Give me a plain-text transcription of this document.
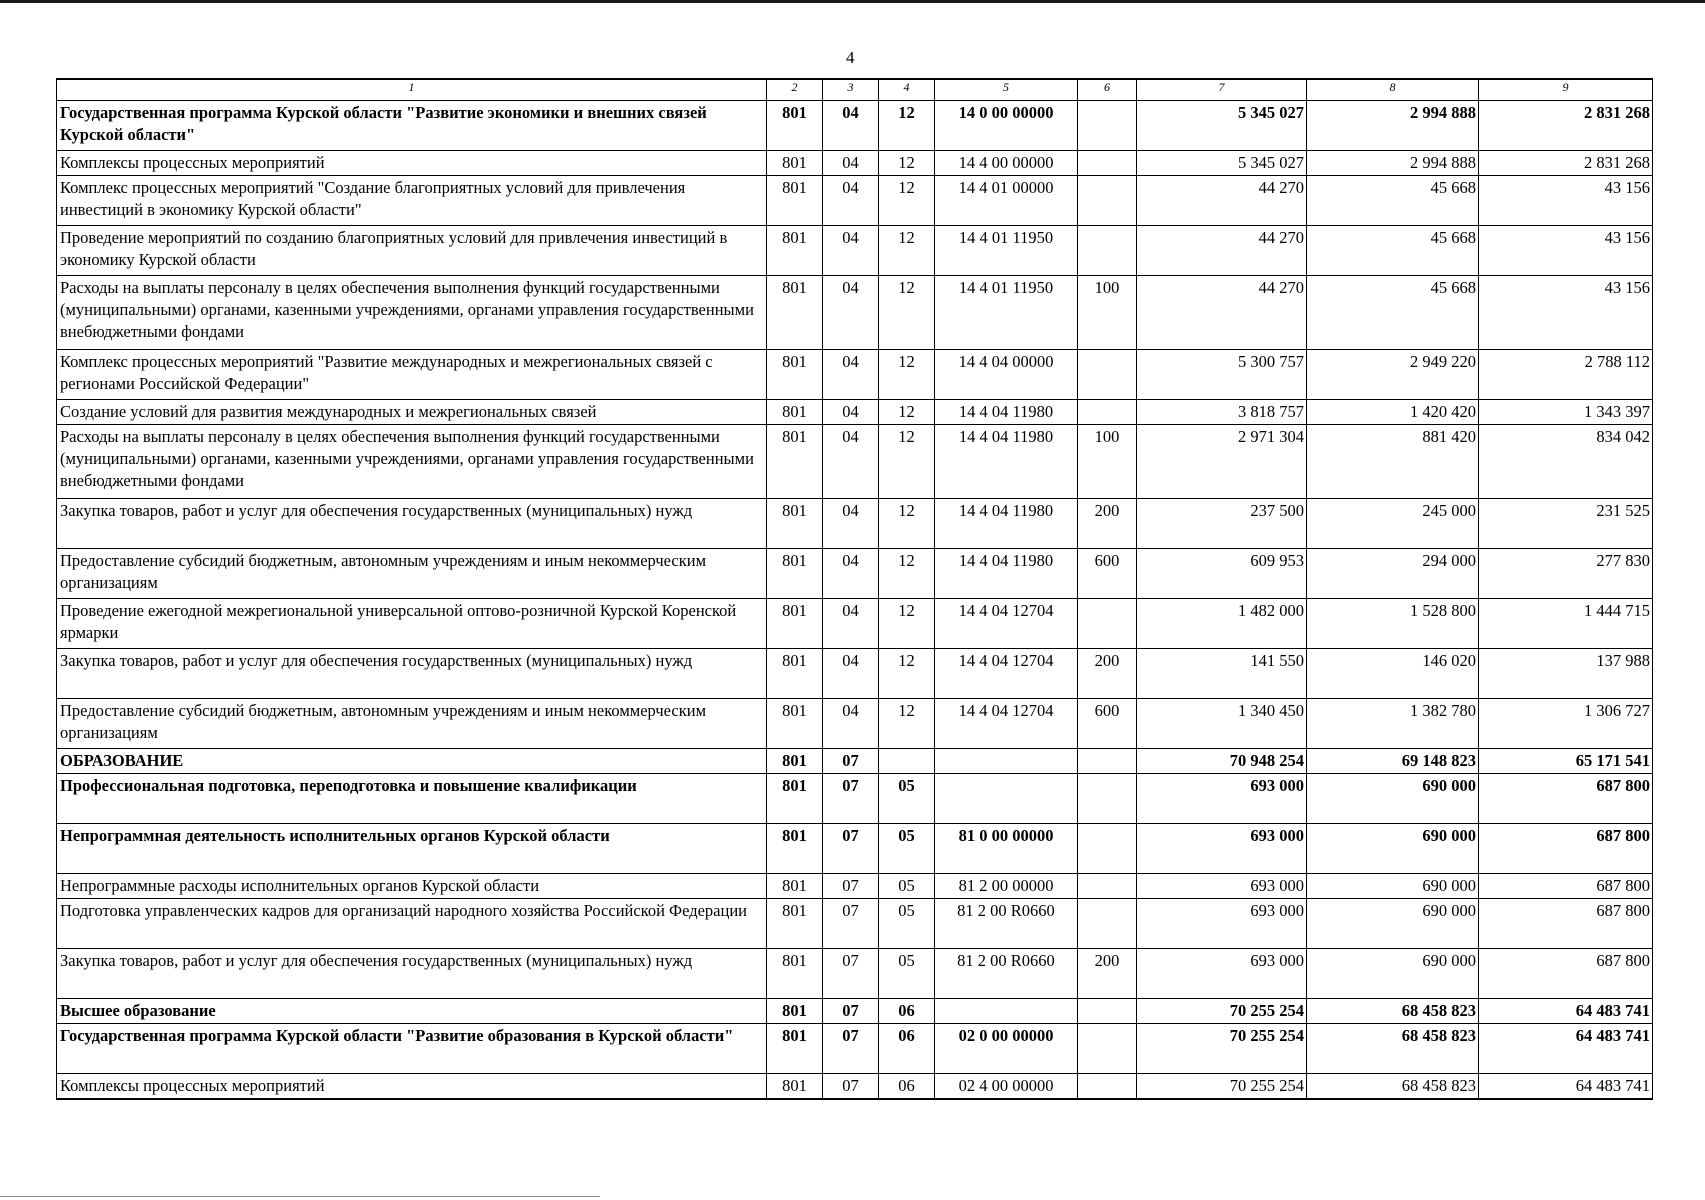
4
1	2	3	4	5	6	7	8	9
Государственная программа Курской области "Развитие экономики и внешних связей Курской области"	801	04	12	14 0 00 00000		5 345 027	2 994 888	2 831 268
Комплексы процессных мероприятий	801	04	12	14 4 00 00000		5 345 027	2 994 888	2 831 268
Комплекс процессных мероприятий "Создание благоприятных условий для привлечения инвестиций в экономику Курской области"	801	04	12	14 4 01 00000		44 270	45 668	43 156
Проведение мероприятий по созданию благоприятных условий для привлечения инвестиций в экономику Курской области	801	04	12	14 4 01 11950		44 270	45 668	43 156
Расходы на выплаты персоналу в целях обеспечения выполнения функций государственными (муниципальными) органами, казенными учреждениями, органами управления государственными внебюджетными фондами	801	04	12	14 4 01 11950	100	44 270	45 668	43 156
Комплекс процессных мероприятий "Развитие международных и межрегиональных связей с регионами Российской Федерации"	801	04	12	14 4 04 00000		5 300 757	2 949 220	2 788 112
Создание условий для развития международных и межрегиональных связей	801	04	12	14 4 04 11980		3 818 757	1 420 420	1 343 397
Расходы на выплаты персоналу в целях обеспечения выполнения функций государственными (муниципальными) органами, казенными учреждениями, органами управления государственными внебюджетными фондами	801	04	12	14 4 04 11980	100	2 971 304	881 420	834 042
Закупка товаров, работ и услуг для обеспечения государственных (муниципальных) нужд	801	04	12	14 4 04 11980	200	237 500	245 000	231 525
Предоставление субсидий бюджетным, автономным учреждениям и иным некоммерческим организациям	801	04	12	14 4 04 11980	600	609 953	294 000	277 830
Проведение ежегодной межрегиональной универсальной оптово-розничной Курской Коренской ярмарки	801	04	12	14 4 04 12704		1 482 000	1 528 800	1 444 715
Закупка товаров, работ и услуг для обеспечения государственных (муниципальных) нужд	801	04	12	14 4 04 12704	200	141 550	146 020	137 988
Предоставление субсидий бюджетным, автономным учреждениям и иным некоммерческим организациям	801	04	12	14 4 04 12704	600	1 340 450	1 382 780	1 306 727
ОБРАЗОВАНИЕ	801	07				70 948 254	69 148 823	65 171 541
Профессиональная подготовка, переподготовка и повышение квалификации	801	07	05			693 000	690 000	687 800
Непрограммная деятельность исполнительных органов Курской области	801	07	05	81 0 00 00000		693 000	690 000	687 800
Непрограммные расходы исполнительных органов Курской области	801	07	05	81 2 00 00000		693 000	690 000	687 800
Подготовка управленческих кадров для организаций народного хозяйства Российской Федерации	801	07	05	81 2 00 R0660		693 000	690 000	687 800
Закупка товаров, работ и услуг для обеспечения государственных (муниципальных) нужд	801	07	05	81 2 00 R0660	200	693 000	690 000	687 800
Высшее образование	801	07	06			70 255 254	68 458 823	64 483 741
Государственная программа Курской области "Развитие образования в Курской области"	801	07	06	02 0 00 00000		70 255 254	68 458 823	64 483 741
Комплексы процессных мероприятий	801	07	06	02 4 00 00000		70 255 254	68 458 823	64 483 741
